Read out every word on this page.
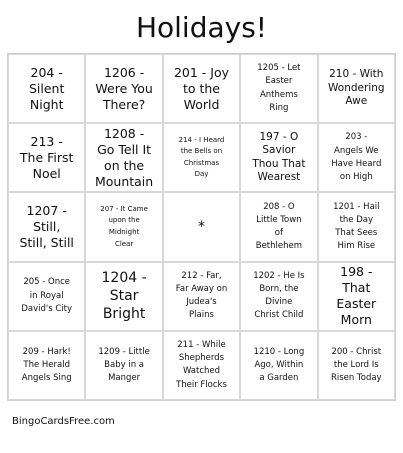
Holidays!
204 -
Silent
Night
1206 -
Were You
There?
201 - Joy
to the
World
1205 - Let
Easter
Anthems
Ring
210 - With
Wondering
Awe
213 -
The First
Noel
1208 -
Go Tell It
on the
Mountain
214 - I Heard
the Bells on
Christmas
Day
197 - O
Savior
Thou That
Wearest
203 -
Angels We
Have Heard
on High
1207 -
Still,
Still, Still
207 - It Came
upon the
Midnight
Clear
*
208 - O
Little Town
of
Bethlehem
1201 - Hail
the Day
That Sees
Him Rise
205 - Once
in Royal
David's City
1204 -
Star
Bright
212 - Far,
Far Away on
Judea's
Plains
1202 - He Is
Born, the
Divine
Christ Child
198 -
That
Easter
Morn
209 - Hark!
The Herald
Angels Sing
1209 - Little
Baby in a
Manger
211 - While
Shepherds
Watched
Their Flocks
1210 - Long
Ago, Within
a Garden
200 - Christ
the Lord Is
Risen Today
BingoCardsFree.com
